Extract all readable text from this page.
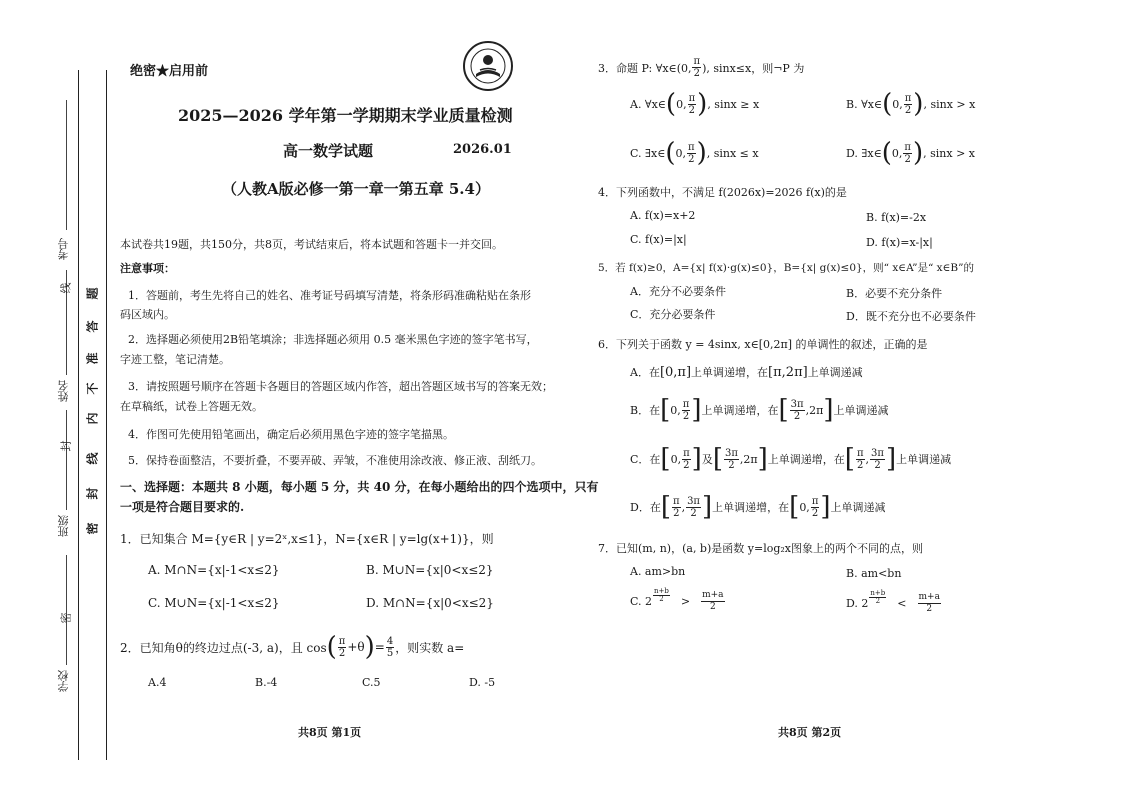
考号
姓名
班级
学校
密
封
线
内
不
准
答
题
密
封
线
绝密★启用前
2025—2026 学年第一学期期末学业质量检测
高一数学试题	2026.01
（人教A版必修一第一章一第五章 5.4）
本试卷共19题，共150分，共8页，考试结束后，将本试题和答题卡一并交回。
注意事项：
1．答题前，考生先将自己的姓名、准考证号码填写清楚，将条形码准确粘贴在条形
码区域内。
2．选择题必须使用2B铅笔填涂；非选择题必须用 0.5 毫米黑色字迹的签字笔书写，
字迹工整，笔记清楚。
3．请按照题号顺序在答题卡各题目的答题区域内作答，超出答题区域书写的答案无效；
在草稿纸，试卷上答题无效。
4．作图可先使用铅笔画出，确定后必须用黑色字迹的签字笔描黑。
5．保持卷面整洁，不要折叠，不要弄破、弄皱，不准使用涂改液、修正液、刮纸刀。
一、选择题：本题共 8 小题，每小题 5 分，共 40 分，在每小题给出的四个选项中，只有
一项是符合题目要求的.
1．已知集合 M={y∈R | y=2ˣ,x≤1}，N={x∈R | y=lg(x+1)}，则
A. M∩N={x|-1<x≤2}	B. M∪N={x|0<x≤2}
C. M∪N={x|-1<x≤2}	D. M∩N={x|0<x≤2}
2．已知角θ的终边过点(-3, a)，且 cos ( $\frac{\pi}{2} +\theta$ ) = $\frac{4}{5}$ ，则实数 a=
A.4	B.-4	C.5	D. -5
共8页 第1页
3．命题 P: ∀x∈(0, $\frac{\pi}{2}$ ), sinx≤x，则¬P 为
A. ∀x∈ ( 0, $\frac{\pi}{2}$ ) , sinx ≥ x	B. ∀x∈ ( 0, $\frac{\pi}{2}$ ) , sinx > x
C. ∃x∈ ( 0, $\frac{\pi}{2}$ ) , sinx ≤ x	D. ∃x∈ ( 0, $\frac{\pi}{2}$ ) , sinx > x
4．下列函数中，不满足 f(2026x)=2026 f(x)的是
A. f(x)=x+2	B. f(x)=-2x
C. f(x)=|x|	D. f(x)=x-|x|
5．若 f(x)≥0，A={x| f(x)·g(x)≤0}，B={x| g(x)≤0}，则“ x∈A”是“ x∈B”的
A．充分不必要条件	B．必要不充分条件
C．充分必要条件	D．既不充分也不必要条件
6．下列关于函数 y = 4sinx, x∈[0,2π] 的单调性的叙述，正确的是
A．在 [0,π] 上单调递增，在 [π,2π] 上单调递减
B．在 [ 0, $\frac{\pi}{2}$ ] 上单调递增，在 [ $\frac{3\pi}{2} ,2\pi$ ] 上单调递减
C．在 [ 0, $\frac{\pi}{2}$ ] 及 [ $\frac{3\pi}{2} ,2\pi$ ] 上单调递增，在 [ $\frac{\pi}{2}$ , $\frac{3\pi}{2}$ ] 上单调递减
D．在 [ $\frac{\pi}{2}$ , $\frac{3\pi}{2}$ ] 上单调递增，在 [ 0, $\frac{\pi}{2}$ ] 上单调递减
7．已知(m, n)，(a, b)是函数 y=log₂x图象上的两个不同的点，则
A. am>bn	B. am<bn
C. $2 \frac{n+b}{2} > \frac{m+a}{2}$	D. $2 \frac{n+b}{2} < \frac{m+a}{2}$
共8页 第2页
